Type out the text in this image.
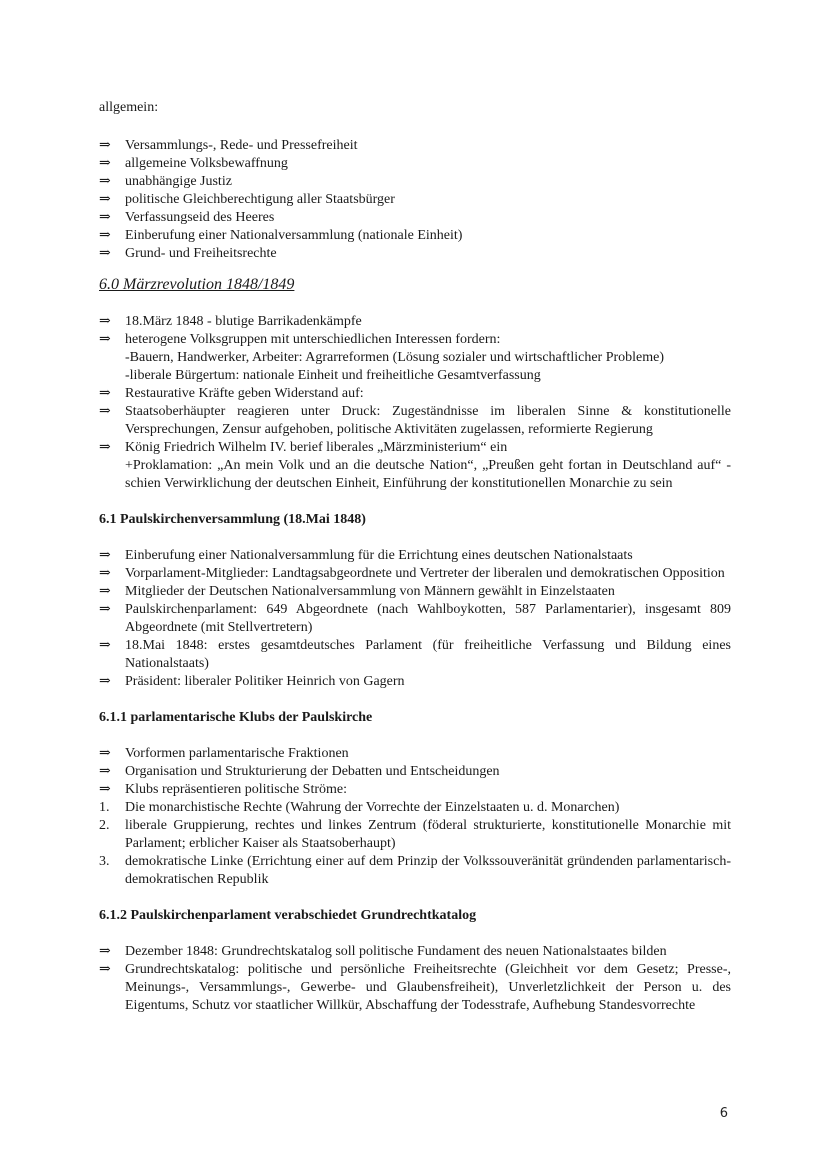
allgemein:

⇒	Versammlungs-, Rede- und Pressefreiheit
⇒	allgemeine Volksbewaffnung
⇒	unabhängige Justiz
⇒	politische Gleichberechtigung aller Staatsbürger
⇒	Verfassungseid des Heeres
⇒	Einberufung einer Nationalversammlung (nationale Einheit)
⇒	Grund- und Freiheitsrechte

6.0 Märzrevolution 1848/1849

⇒	18.März 1848 - blutige Barrikadenkämpfe
⇒	heterogene Volksgruppen mit unterschiedlichen Interessen fordern:
-Bauern, Handwerker, Arbeiter: Agrarreformen (Lösung sozialer und wirtschaftlicher Probleme)
-liberale Bürgertum: nationale Einheit und freiheitliche Gesamtverfassung
⇒	Restaurative Kräfte geben Widerstand auf:
⇒	Staatsoberhäupter reagieren unter Druck: Zugeständnisse im liberalen Sinne & konstitutionelle Versprechungen, Zensur aufgehoben, politische Aktivitäten zugelassen, reformierte Regierung
⇒	König Friedrich Wilhelm IV. berief liberales „Märzministerium“ ein
+Proklamation: „An mein Volk und an die deutsche Nation“, „Preußen geht fortan in Deutschland auf“ - schien Verwirklichung der deutschen Einheit, Einführung der konstitutionellen Monarchie zu sein

6.1 Paulskirchenversammlung (18.Mai 1848)

⇒	Einberufung einer Nationalversammlung für die Errichtung eines deutschen Nationalstaats
⇒	Vorparlament-Mitglieder: Landtagsabgeordnete und Vertreter der liberalen und demokratischen Opposition
⇒	Mitglieder der Deutschen Nationalversammlung von Männern gewählt in Einzelstaaten
⇒	Paulskirchenparlament: 649 Abgeordnete (nach Wahlboykotten, 587 Parlamentarier), insgesamt 809 Abgeordnete (mit Stellvertretern)
⇒	18.Mai 1848: erstes gesamtdeutsches Parlament (für freiheitliche Verfassung und Bildung eines Nationalstaats)
⇒	Präsident: liberaler Politiker Heinrich von Gagern

6.1.1 parlamentarische Klubs der Paulskirche

⇒	Vorformen parlamentarische Fraktionen
⇒	Organisation und Strukturierung der Debatten und Entscheidungen
⇒	Klubs repräsentieren politische Ströme:
1.	Die monarchistische Rechte (Wahrung der Vorrechte der Einzelstaaten u. d. Monarchen)
2.	liberale Gruppierung, rechtes und linkes Zentrum (föderal strukturierte, konstitutionelle Monarchie mit Parlament; erblicher Kaiser als Staatsoberhaupt)
3.	demokratische Linke (Errichtung einer auf dem Prinzip der Volkssouveränität gründenden parlamentarisch- demokratischen Republik

6.1.2 Paulskirchenparlament verabschiedet Grundrechtkatalog

⇒	Dezember 1848: Grundrechtskatalog soll politische Fundament des neuen Nationalstaates bilden
⇒	Grundrechtskatalog: politische und persönliche Freiheitsrechte (Gleichheit vor dem Gesetz; Presse-, Meinungs-, Versammlungs-, Gewerbe- und Glaubensfreiheit), Unverletzlichkeit der Person u. des Eigentums, Schutz vor staatlicher Willkür, Abschaffung der Todesstrafe, Aufhebung Standesvorrechte
6
